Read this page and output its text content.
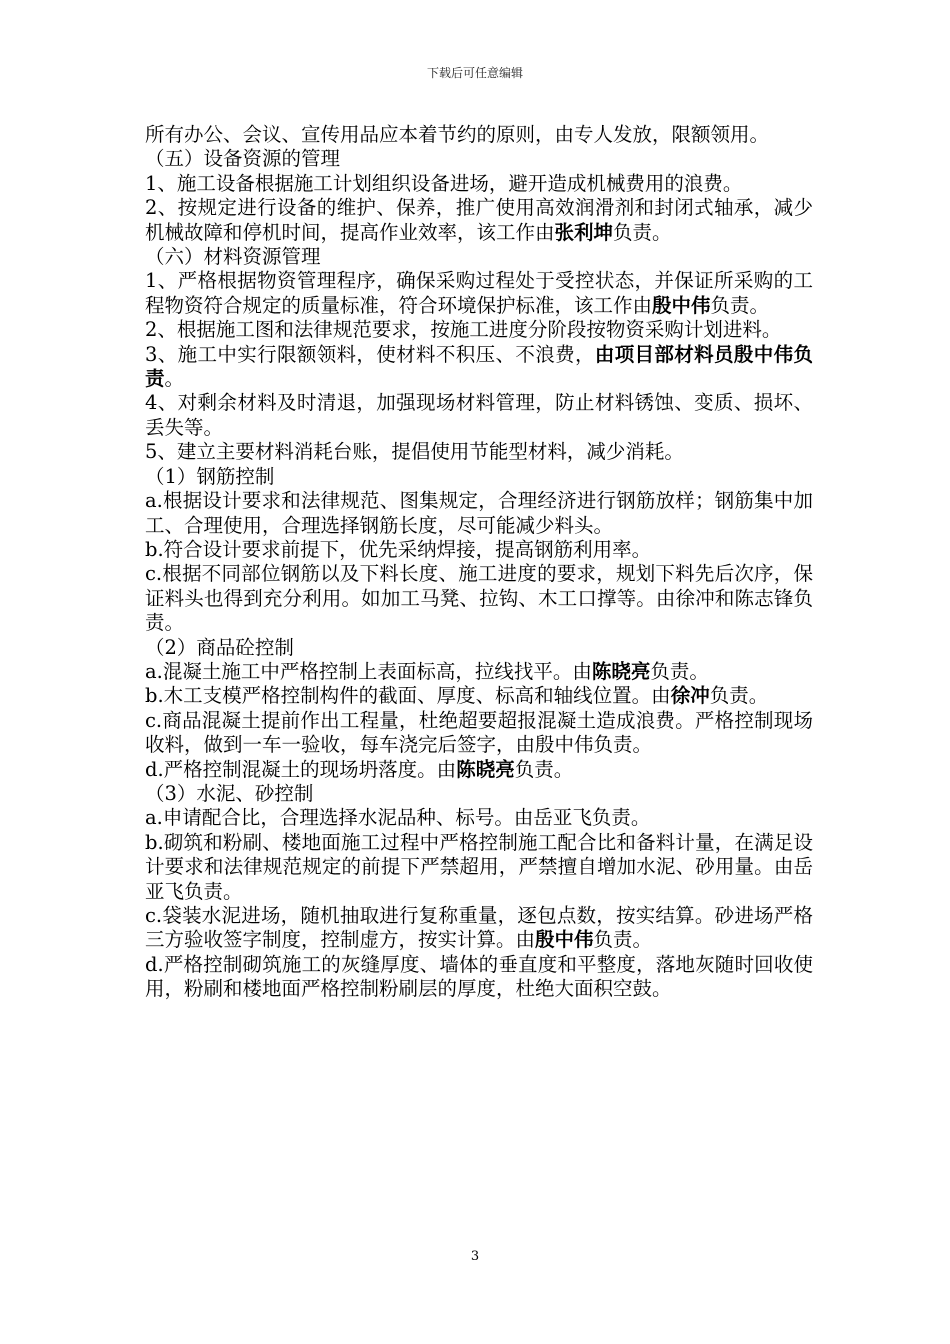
下载后可任意编辑

所有办公、会议、宣传用品应本着节约的原则，由专人发放，限额领用。

（五）设备资源的管理

1、施工设备根据施工计划组织设备进场，避开造成机械费用的浪费。

2、按规定进行设备的维护、保养，推广使用高效润滑剂和封闭式轴承，减少机械故障和停机时间，提高作业效率，该工作由张利坤负责。

（六）材料资源管理

1、严格根据物资管理程序，确保采购过程处于受控状态，并保证所采购的工程物资符合规定的质量标准，符合环境保护标准，该工作由殷中伟负责。

2、根据施工图和法律规范要求，按施工进度分阶段按物资采购计划进料。

3、施工中实行限额领料，使材料不积压、不浪费，由项目部材料员殷中伟负责。

4、对剩余材料及时清退，加强现场材料管理，防止材料锈蚀、变质、损坏、丢失等。

5、建立主要材料消耗台账，提倡使用节能型材料，减少消耗。

（1）钢筋控制

a.根据设计要求和法律规范、图集规定，合理经济进行钢筋放样；钢筋集中加工、合理使用，合理选择钢筋长度，尽可能减少料头。

b.符合设计要求前提下，优先采纳焊接，提高钢筋利用率。

c.根据不同部位钢筋以及下料长度、施工进度的要求，规划下料先后次序，保证料头也得到充分利用。如加工马凳、拉钩、木工口撑等。由徐冲和陈志锋负责。

（2）商品砼控制

a.混凝土施工中严格控制上表面标高，拉线找平。由陈晓亮负责。

b.木工支模严格控制构件的截面、厚度、标高和轴线位置。由徐冲负责。

c.商品混凝土提前作出工程量，杜绝超要超报混凝土造成浪费。严格控制现场收料，做到一车一验收，每车浇完后签字，由殷中伟负责。

d.严格控制混凝土的现场坍落度。由陈晓亮负责。

（3）水泥、砂控制

a.申请配合比，合理选择水泥品种、标号。由岳亚飞负责。

b.砌筑和粉刷、楼地面施工过程中严格控制施工配合比和备料计量，在满足设计要求和法律规范规定的前提下严禁超用，严禁擅自增加水泥、砂用量。由岳亚飞负责。

c.袋装水泥进场，随机抽取进行复称重量，逐包点数，按实结算。砂进场严格三方验收签字制度，控制虚方，按实计算。由殷中伟负责。

d.严格控制砌筑施工的灰缝厚度、墙体的垂直度和平整度，落地灰随时回收使用，粉刷和楼地面严格控制粉刷层的厚度，杜绝大面积空鼓。

3
